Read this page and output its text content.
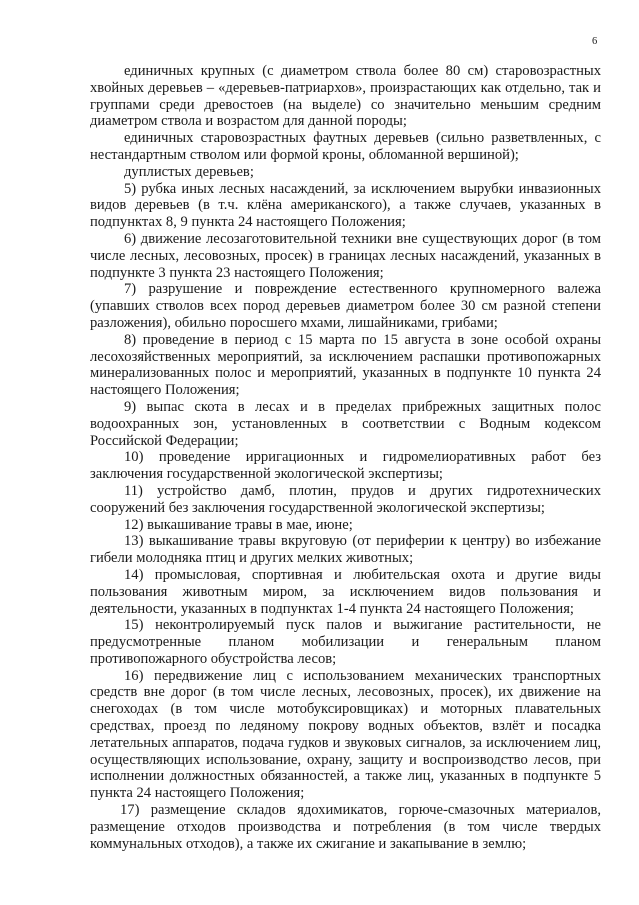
6

единичных крупных (с диаметром ствола более 80 см) старовозрастных хвойных деревьев – «деревьев-патриархов», произрастающих как отдельно, так и группами среди древостоев (на выделе) со значительно меньшим средним диаметром ствола и возрастом для данной породы;

единичных старовозрастных фаутных деревьев (сильно разветвленных, с нестандартным стволом или формой кроны, обломанной вершиной);

дуплистых деревьев;

5) рубка иных лесных насаждений, за исключением вырубки инвазионных видов деревьев (в т.ч. клёна американского), а также случаев, указанных в подпунктах 8, 9 пункта 24 настоящего Положения;

6) движение лесозаготовительной техники вне существующих дорог (в том числе лесных, лесовозных, просек) в границах лесных насаждений, указанных в подпункте 3 пункта 23 настоящего Положения;

7) разрушение и повреждение естественного крупномерного валежа (упавших стволов всех пород деревьев диаметром более 30 см разной степени разложения), обильно поросшего мхами, лишайниками, грибами;

8) проведение в период с 15 марта по 15 августа в зоне особой охраны лесохозяйственных мероприятий, за исключением распашки противопожарных минерализованных полос и мероприятий, указанных в подпункте 10 пункта 24 настоящего Положения;

9) выпас скота в лесах и в пределах прибрежных защитных полос водоохранных зон, установленных в соответствии с Водным кодексом Российской Федерации;

10) проведение ирригационных и гидромелиоративных работ без заключения государственной экологической экспертизы;

11) устройство дамб, плотин, прудов и других гидротехнических сооружений без заключения государственной экологической экспертизы;

12) выкашивание травы в мае, июне;

13) выкашивание травы вкруговую (от периферии к центру) во избежание гибели молодняка птиц и других мелких животных;

14) промысловая, спортивная и любительская охота и другие виды пользования животным миром, за исключением видов пользования и деятельности, указанных в подпунктах 1-4 пункта 24 настоящего Положения;

15) неконтролируемый пуск палов и выжигание растительности, не предусмотренные планом мобилизации и генеральным планом противопожарного обустройства лесов;

16) передвижение лиц с использованием механических транспортных средств вне дорог (в том числе лесных, лесовозных, просек), их движение на снегоходах (в том числе мотобуксировщиках) и моторных плавательных средствах, проезд по ледяному покрову водных объектов, взлёт и посадка летательных аппаратов, подача гудков и звуковых сигналов, за исключением лиц, осуществляющих использование, охрану, защиту и воспроизводство лесов, при исполнении должностных обязанностей, а также лиц, указанных в подпункте 5 пункта 24 настоящего Положения;

17) размещение складов ядохимикатов, горюче-смазочных материалов, размещение отходов производства и потребления (в том числе твердых коммунальных отходов), а также их сжигание и закапывание в землю;
